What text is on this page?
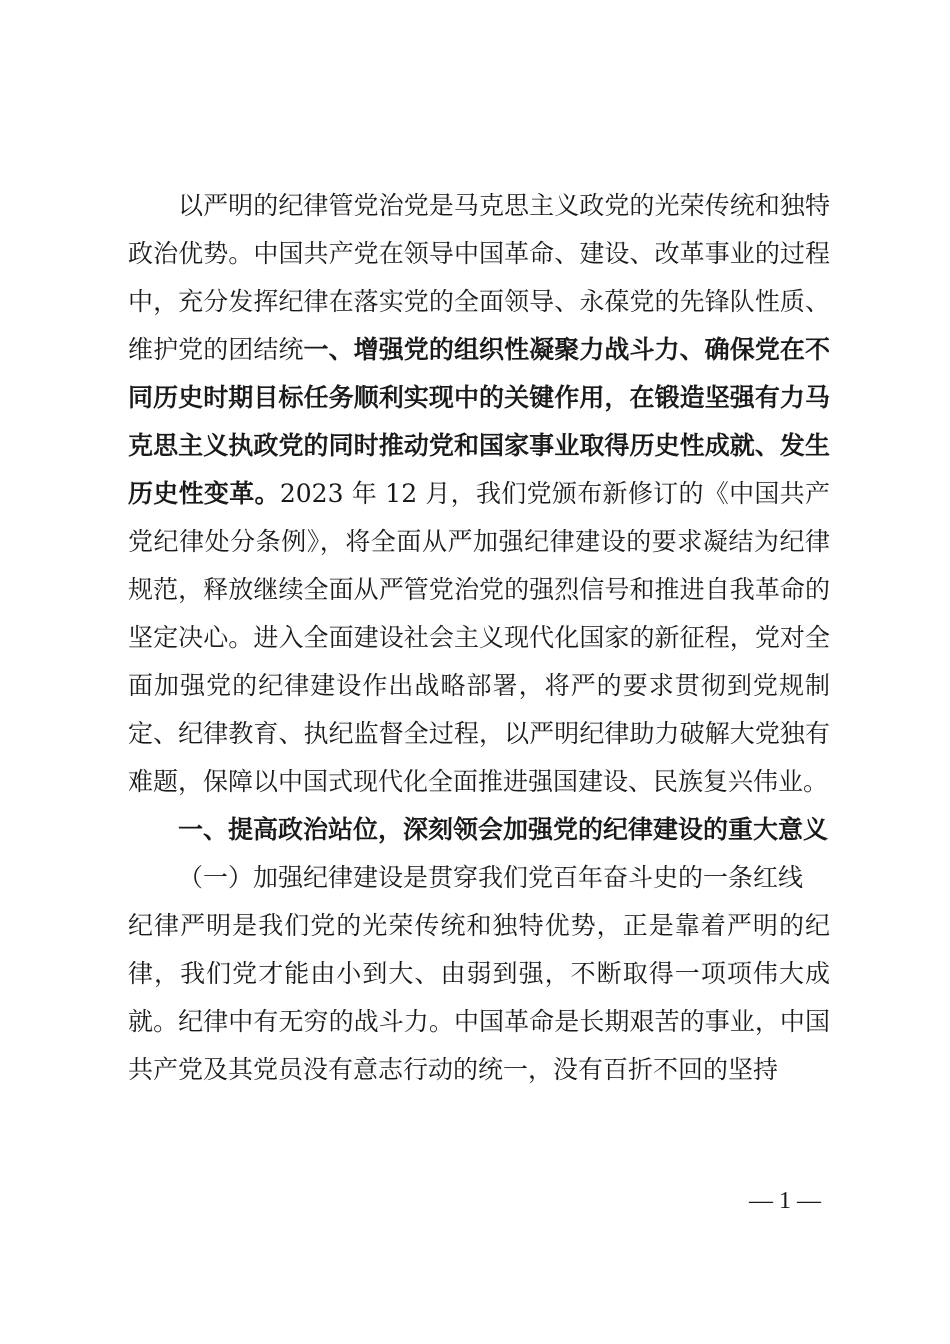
以严明的纪律管党治党是马克思主义政党的光荣传统和独特政治优势。中国共产党在领导中国革命、建设、改革事业的过程中，充分发挥纪律在落实党的全面领导、永葆党的先锋队性质、维护党的团结统一、增强党的组织性凝聚力战斗力、确保党在不同历史时期目标任务顺利实现中的关键作用，在锻造坚强有力马克思主义执政党的同时推动党和国家事业取得历史性成就、发生历史性变革。2023 年 12 月，我们党颁布新修订的《中国共产党纪律处分条例》，将全面从严加强纪律建设的要求凝结为纪律规范，释放继续全面从严管党治党的强烈信号和推进自我革命的坚定决心。进入全面建设社会主义现代化国家的新征程，党对全面加强党的纪律建设作出战略部署，将严的要求贯彻到党规制定、纪律教育、执纪监督全过程，以严明纪律助力破解大党独有难题，保障以中国式现代化全面推进强国建设、民族复兴伟业。

一、提高政治站位，深刻领会加强党的纪律建设的重大意义

（一）加强纪律建设是贯穿我们党百年奋斗史的一条红线

纪律严明是我们党的光荣传统和独特优势，正是靠着严明的纪律，我们党才能由小到大、由弱到强，不断取得一项项伟大成就。纪律中有无穷的战斗力。中国革命是长期艰苦的事业，中国共产党及其党员没有意志行动的统一，没有百折不回的坚持

— 1 —
